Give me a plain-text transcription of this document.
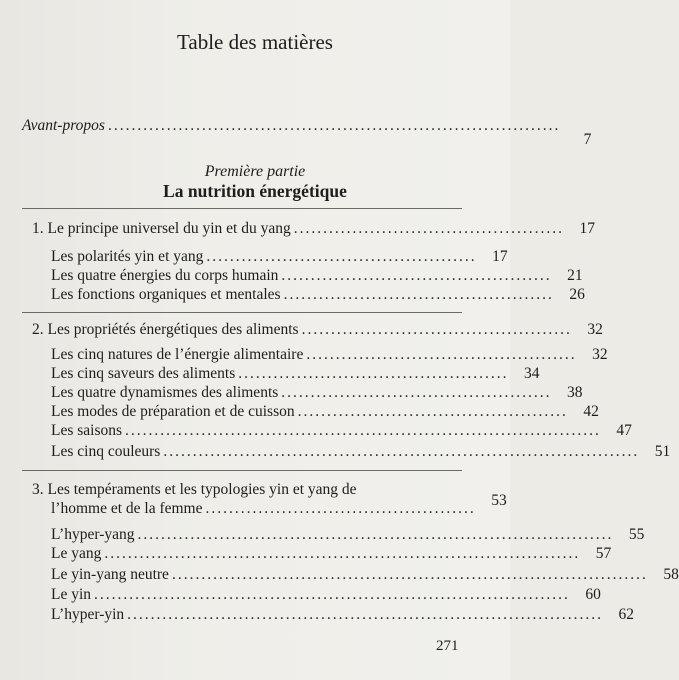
Table des matières
Avant-propos .............................................................................
7
Première partie
La nutrition énergétique
1. Le principe universel du yin et du yang ..............................................	17
Les polarités yin et yang ..............................................	17
Les quatre énergies du corps humain ..............................................	21
Les fonctions organiques et mentales ..............................................	26
2. Les propriétés énergétiques des aliments ..............................................	32
Les cinq natures de l’énergie alimentaire ..............................................	32
Les cinq saveurs des aliments ..............................................	34
Les quatre dynamismes des aliments ..............................................	38
Les modes de préparation et de cuisson ..............................................	42
Les saisons .................................................................................	47
Les cinq couleurs .................................................................................	51
3. Les tempéraments et les typologies yin et yang de
l’homme et de la femme ..............................................	53
L’hyper-yang .................................................................................	55
Le yang .................................................................................	57
Le yin-yang neutre .................................................................................	58
Le yin .................................................................................	60
L’hyper-yin .................................................................................	62
271
